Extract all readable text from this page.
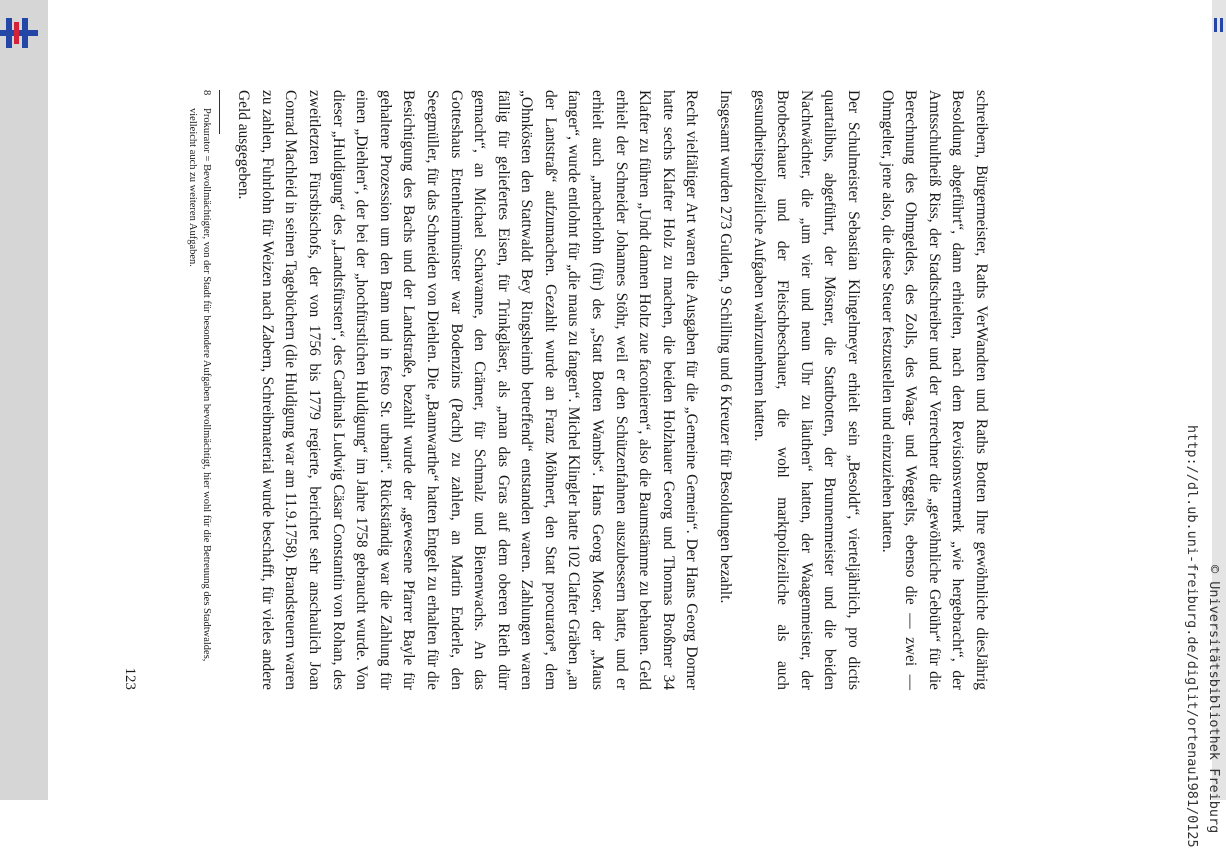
schreibern, Bürgermeister, Raths VerWandten und Raths Botten Ihre gewöhnliche diesJährig Besoldung abgeführt“, dann erhielten, nach dem Revisionsvermerk „wie hergebracht“, der Amtsschultheiß Riss, der Stadtschreiber und der Verrechner die „gewöhnliche Gebühr“ für die Berechnung des Ohmgeldes, des Zolls, des Waag- und Weggelts, ebenso die — zwei — Ohmgelter, jene also, die diese Steuer festzustellen und einzuziehen hatten.

Der Schulmeister Sebastian Klingelmeyer erhielt sein „Besoldt“, vierteljährlich, pro dictis quartalibus, abgeführt, der Mösner, die Stattbotten, der Brunnenmeister und die beiden Nachtwächter, die „um vier und neun Uhr zu läuthen“ hatten, der Waagenmeister, der Brotbeschauer und der Fleischbeschauer, die wohl marktpolizeiliche als auch gesundheitspolizeiliche Aufgaben wahrzunehmen hatten.

Insgesamt wurden 273 Gulden, 9 Schilling und 6 Kreuzer für Besoldungen bezahlt.

Recht vielfältiger Art waren die Ausgaben für die „Gemeine Gemein“. Der Hans Georg Dorner hatte sechs Klafter Holz zu machen, die beiden Holzhauer Georg und Thomas Broßmer 34 Klafter zu führen „Undt dannen Holtz zue faconieren“, also die Baumstämme zu behauen. Geld erhielt der Schneider Johannes Stöhr, weil er den Schützenfahnen auszubessern hatte, und er erhielt auch „macherlohn (für) des „Statt Botten Wambs“. Hans Georg Moser, der „Maus fanger“, wurde entlohnt für „die maus zu fangen“. Michel Klingler hatte 102 Clafter Gräben „an der Lantstraß“ aufzumachen. Gezahlt wurde an Franz Möhnert, den Statt procurator⁸, dem „Ohnkösten den Stattwaldt Bey Ringsheimb betreffend“ entstanden waren. Zahlungen waren fällig für geliefertes Eisen, für Trinkgläser, als „man das Gras auf dem oberen Rieth dürr gemacht“, an Michael Schavanne, den Crämer, für Schmalz und Bienenwachs. An das Gotteshaus Ettenheimmünster war Bodenzins (Pacht) zu zahlen, an Martin Enderle, den Seegmüller, für das Schneiden von Diehlen. Die „Bannwarthe“ hatten Entgelt zu erhalten für die Besichtigung des Bachs und der Landstraße, bezahlt wurde der „gewesene Pfarrer Bayle für gehaltene Prozession um den Bann und in festo St. urbani“. Rückständig war die Zahlung für einen „Diehlen“, der bei der „hochfürstlichen Huldigung“ im Jahre 1758 gebraucht wurde. Von dieser „Huldigung“ des „Landtsfürsten“, des Cardinals Ludwig Cäsar Constantin von Rohan, des zweitletzten Fürstbischofs, der von 1756 bis 1779 regierte, berichtet sehr anschaulich Joan Conrad Machleid in seinen Tagebüchern (die Huldigung war am 11.9.1758). Brandsteuern waren zu zahlen, Fuhrlohn für Weizen nach Zabern, Schreibmaterial wurde beschafft, für vieles andere Geld ausgegeben.

8
Prokurator = Bevollmächtigter, von der Stadt für besondere Aufgaben bevollmächtigt, hier wohl für die Betreuung des Stadtwaldes, vielleicht auch zu weiteren Aufgaben.
123	http://dl.ub.uni-freiburg.de/diglit/ortenau1981/0125 © Universitätsbibliothek Freiburg
